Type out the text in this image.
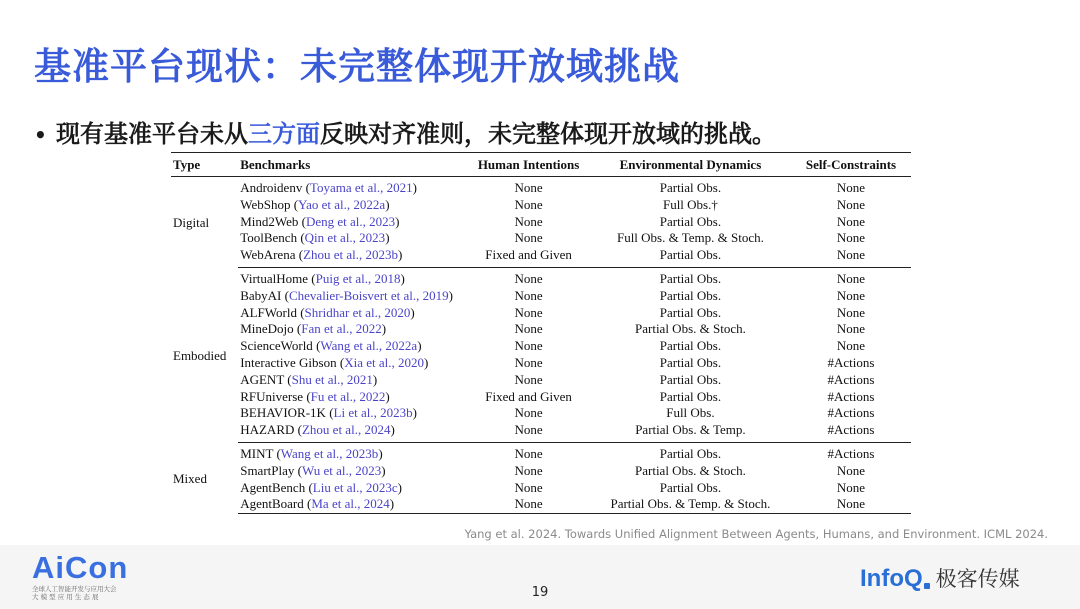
基准平台现状：未完整体现开放域挑战
• 现有基准平台未从三方面反映对齐准则，未完整体现开放域的挑战。
Type	Benchmarks	Human Intentions	Environmental Dynamics	Self-Constraints
Digital	Androidenv (Toyama et al., 2021)	None	Partial Obs.	None
	WebShop (Yao et al., 2022a)	None	Full Obs.†	None
	Mind2Web (Deng et al., 2023)	None	Partial Obs.	None
	ToolBench (Qin et al., 2023)	None	Full Obs. & Temp. & Stoch.	None
	WebArena (Zhou et al., 2023b)	Fixed and Given	Partial Obs.	None
Embodied	VirtualHome (Puig et al., 2018)	None	Partial Obs.	None
	BabyAI (Chevalier-Boisvert et al., 2019)	None	Partial Obs.	None
	ALFWorld (Shridhar et al., 2020)	None	Partial Obs.	None
	MineDojo (Fan et al., 2022)	None	Partial Obs. & Stoch.	None
	ScienceWorld (Wang et al., 2022a)	None	Partial Obs.	None
	Interactive Gibson (Xia et al., 2020)	None	Partial Obs.	#Actions
	AGENT (Shu et al., 2021)	None	Partial Obs.	#Actions
	RFUniverse (Fu et al., 2022)	Fixed and Given	Partial Obs.	#Actions
	BEHAVIOR-1K (Li et al., 2023b)	None	Full Obs.	#Actions
	HAZARD (Zhou et al., 2024)	None	Partial Obs. & Temp.	#Actions
Mixed	MINT (Wang et al., 2023b)	None	Partial Obs.	#Actions
	SmartPlay (Wu et al., 2023)	None	Partial Obs. & Stoch.	None
	AgentBench (Liu et al., 2023c)	None	Partial Obs.	None
	AgentBoard (Ma et al., 2024)	None	Partial Obs. & Temp. & Stoch.	None
Yang et al. 2024. Towards Unified Alignment Between Agents, Humans, and Environment. ICML 2024.
AiCon
全球人工智能开发与应用大会
大 模 型 应 用 生 态 展	19
InfoQ 极客传媒
